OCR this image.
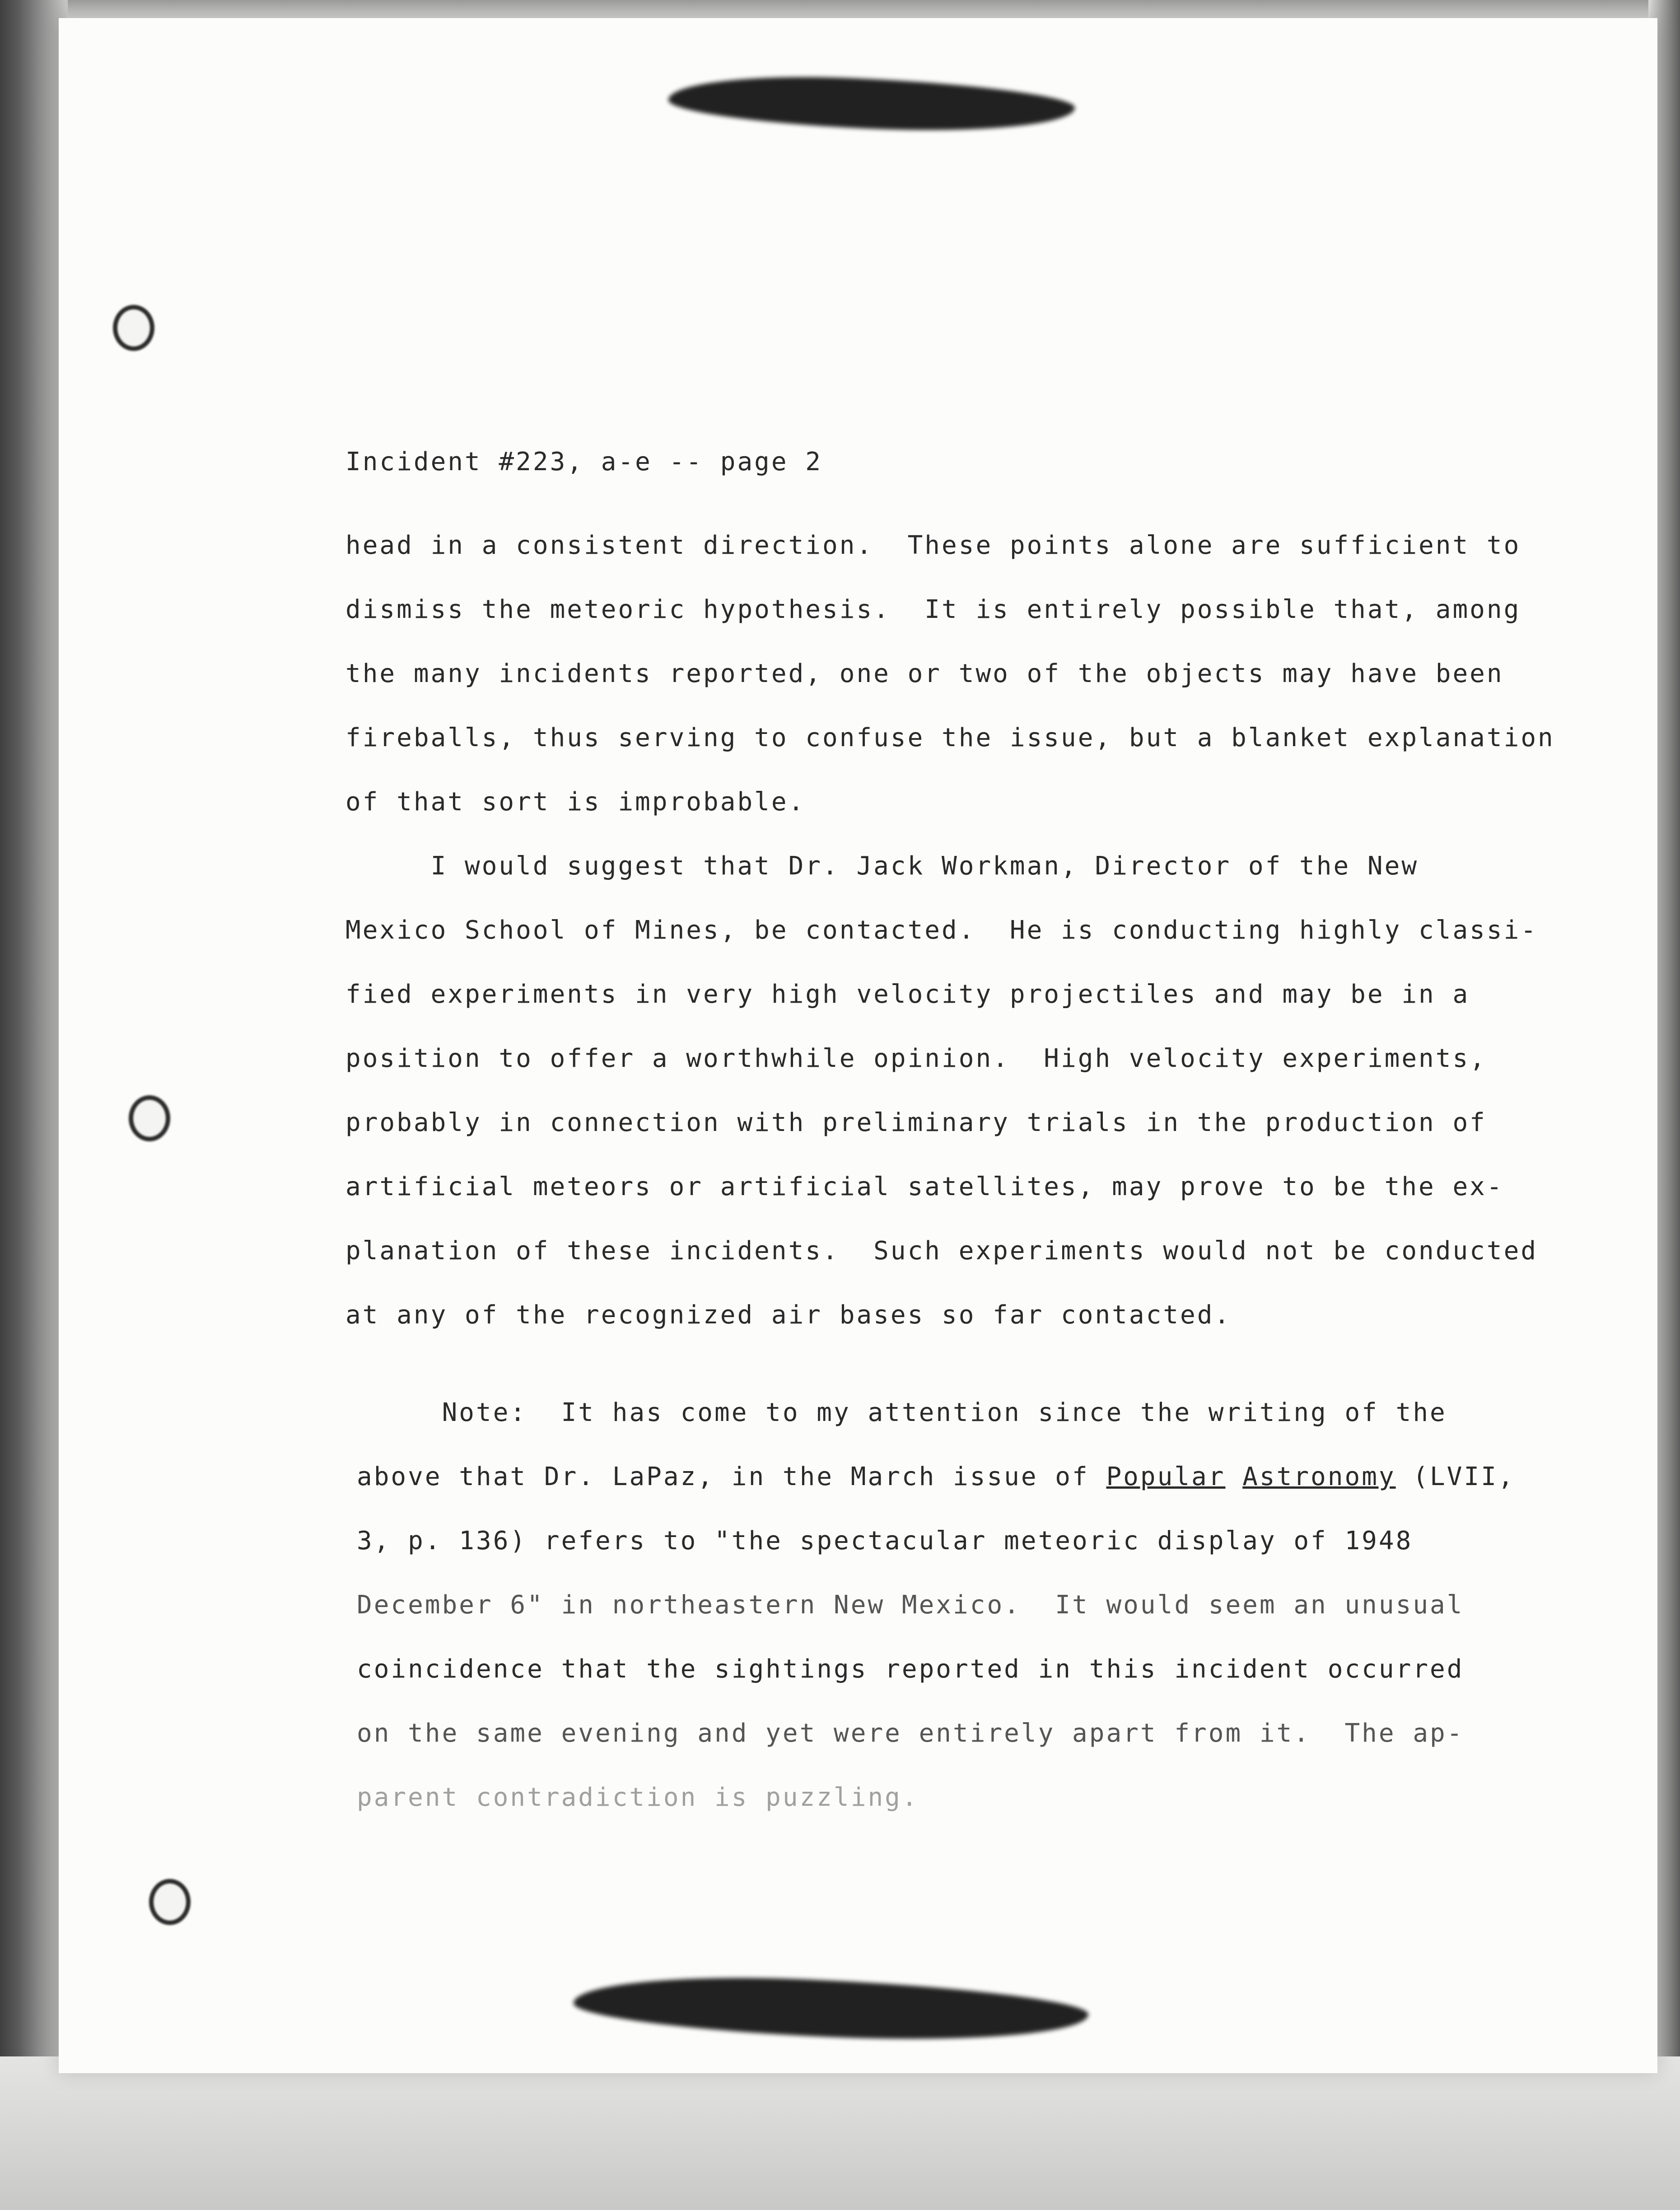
Incident #223, a-e -- page 2
head in a consistent direction.  These points alone are sufficient to
dismiss the meteoric hypothesis.  It is entirely possible that, among
the many incidents reported, one or two of the objects may have been
fireballs, thus serving to confuse the issue, but a blanket explanation
of that sort is improbable.
I would suggest that Dr. Jack Workman, Director of the New
Mexico School of Mines, be contacted.  He is conducting highly classi-
fied experiments in very high velocity projectiles and may be in a
position to offer a worthwhile opinion.  High velocity experiments,
probably in connection with preliminary trials in the production of
artificial meteors or artificial satellites, may prove to be the ex-
planation of these incidents.  Such experiments would not be conducted
at any of the recognized air bases so far contacted.
Note:  It has come to my attention since the writing of the
above that Dr. LaPaz, in the March issue of Popular Astronomy (LVII,
3, p. 136) refers to "the spectacular meteoric display of 1948
December 6" in northeastern New Mexico.  It would seem an unusual
coincidence that the sightings reported in this incident occurred
on the same evening and yet were entirely apart from it.  The ap-
parent contradiction is puzzling.
